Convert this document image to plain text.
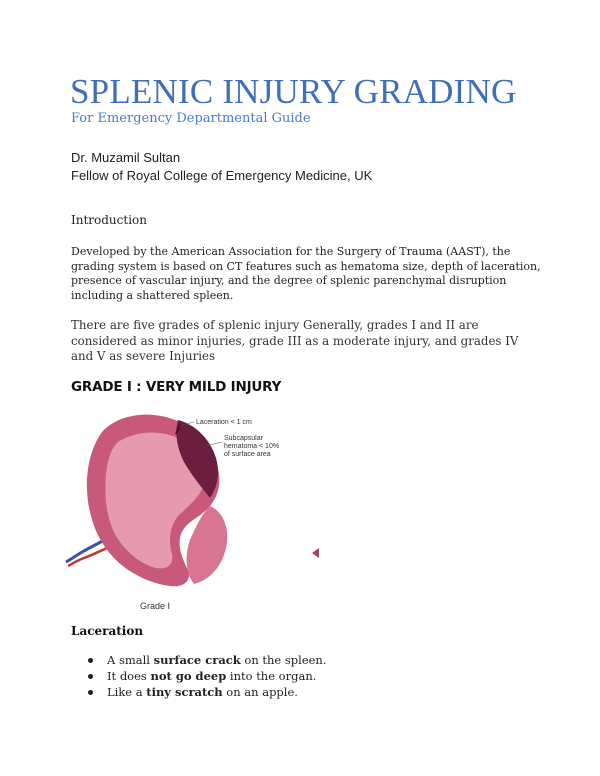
SPLENIC INJURY GRADING
For Emergency Departmental Guide
Dr. Muzamil Sultan
Fellow of Royal College of Emergency Medicine, UK
Introduction
Developed by the American Association for the Surgery of Trauma (AAST), the grading system is based on CT features such as hematoma size, depth of laceration, presence of vascular injury, and the degree of splenic parenchymal disruption including a shattered spleen.
There are five grades of splenic injury Generally, grades I and II are considered as minor injuries, grade III as a moderate injury, and grades IV and V as severe Injuries
GRADE I : VERY MILD INJURY
Laceration < 1 cm
Subcapsular
hematoma < 10%
of surface area
Grade I
Laceration
A small surface crack on the spleen.
It does not go deep into the organ.
Like a tiny scratch on an apple.
